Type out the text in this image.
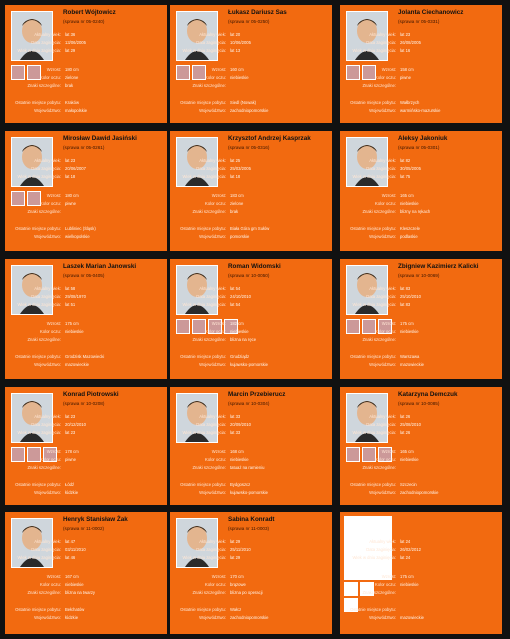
Robert Wójtowicz
(sprawa nr 05-0240)
Aktualny wiek: lat 36
Data zaginięcia: 13/06/2005
Wiek w dniu zaginięcia: lat 29
Wzrost: 180 cm
Kolor oczu: zielone
Znaki szczególne: brak
Ostatnie miejsce pobytu: Kraków
Województwo: małopolskie
Łukasz Dariusz Sas
(sprawa nr 05-0250)
Aktualny wiek: lat 20
Data zaginięcia: 10/06/2005
Wiek w dniu zaginięcia: lat 13
Wzrost: 160 cm
Kolor oczu: niebieskie
Znaki szczególne:
Ostatnie miejsce pobytu: Siedl (Nowak)
Województwo: zachodniopomorskie
Jolanta Ciechanowicz
(sprawa nr 05-0331)
Aktualny wiek: lat 23
Data zaginięcia: 26/08/2005
Wiek w dniu zaginięcia: lat 16
Wzrost: 158 cm
Kolor oczu: piwne
Znaki szczególne:
Ostatnie miejsce pobytu: Wałbrzych
Województwo: warmińsko-mazurskie
Mirosław Dawid Jasiński
(sprawa nr 05-0261)
Aktualny wiek: lat 23
Data zaginięcia: 20/06/2007
Wiek w dniu zaginięcia: lat 18
Wzrost: 180 cm
Kolor oczu: piwne
Znaki szczególne:
Ostatnie miejsce pobytu: Lubliniec (Śląsk)
Województwo: wielkopolskie
Krzysztof Andrzej Kasprzak
(sprawa nr 05-0316)
Aktualny wiek: lat 25
Data zaginięcia: 25/03/2005
Wiek w dniu zaginięcia: lat 18
Wzrost: 183 cm
Kolor oczu: zielone
Znaki szczególne: brak
Ostatnie miejsce pobytu: Biała Góra gm Sułów
Województwo: pomorskie
Aleksy Jakoniuk
(sprawa nr 05-0301)
Aktualny wiek: lat 82
Data zaginięcia: 30/05/2005
Wiek w dniu zaginięcia: lat 75
Wzrost: 165 cm
Kolor oczu: niebieskie
Znaki szczególne: blizny na rękach
Ostatnie miejsce pobytu: Kleszczele
Województwo: podlaskie
Laszek Marian Janowski
(sprawa nr 05-0405)
Aktualny wiek: lat 58
Data zaginięcia: 29/08/1970
Wiek w dniu zaginięcia: lat 51
Wzrost: 175 cm
Kolor oczu: niebieskie
Znaki szczególne:
Ostatnie miejsce pobytu: Grodzisk Mazowiecki
Województwo: mazowieckie
Roman Widomski
(sprawa nr 10-0050)
Aktualny wiek: lat 54
Data zaginięcia: 24/10/2010
Wiek w dniu zaginięcia: lat 54
Wzrost: 182 cm
Kolor oczu: niebieskie
Znaki szczególne: blizna na ręce
Ostatnie miejsce pobytu: Grudziądz
Województwo: kujawsko-pomorskie
Zbigniew Kazimierz Kalicki
(sprawa nr 10-0069)
Aktualny wiek: lat 83
Data zaginięcia: 25/10/2010
Wiek w dniu zaginięcia: lat 83
Wzrost: 175 cm
Kolor oczu: niebieskie
Znaki szczególne:
Ostatnie miejsce pobytu: Warszawa
Województwo: mazowieckie
Konrad Piotrowski
(sprawa nr 10-0208)
Aktualny wiek: lat 23
Data zaginięcia: 20/12/2010
Wiek w dniu zaginięcia: lat 23
Wzrost: 178 cm
Kolor oczu: piwne
Znaki szczególne:
Ostatnie miejsce pobytu: Łódź
Województwo: łódzkie
Marcin Przebierucz
(sprawa nr 10-0304)
Aktualny wiek: lat 33
Data zaginięcia: 20/09/2010
Wiek w dniu zaginięcia: lat 33
Wzrost: 168 cm
Kolor oczu: niebieskie
Znaki szczególne: tatuaż na ramieniu
Ostatnie miejsce pobytu: Bydgoszcz
Województwo: kujawsko-pomorskie
Katarzyna Demczuk
(sprawa nr 10-0085)
Aktualny wiek: lat 26
Data zaginięcia: 25/08/2010
Wiek w dniu zaginięcia: lat 26
Wzrost: 165 cm
Kolor oczu: niebieskie
Znaki szczególne:
Ostatnie miejsce pobytu: Szczecin
Województwo: zachodniopomorskie
Henryk Stanisław Żak
(sprawa nr 11-0002)
Aktualny wiek: lat 47
Data zaginięcia: 03/11/2010
Wiek w dniu zaginięcia: lat 46
Wzrost: 167 cm
Kolor oczu: niebieskie
Znaki szczególne: blizna na twarzy
Ostatnie miejsce pobytu: Bełchatów
Województwo: łódzkie
Sabina Konradt
(sprawa nr 11-0003)
Aktualny wiek: lat 29
Data zaginięcia: 25/11/2010
Wiek w dniu zaginięcia: lat 29
Wzrost: 170 cm
Kolor oczu: brązowe
Znaki szczególne: blizna po operacji
Ostatnie miejsce pobytu: Wałcz
Województwo: zachodniopomorskie
Aktualny wiek: lat 24
Data zaginięcia: 26/02/2012
Wiek w dniu zaginięcia: lat 24
Wzrost: 175 cm
Kolor oczu: niebieskie
Znaki szczególne:
Ostatnie miejsce pobytu:
Województwo: mazowieckie
